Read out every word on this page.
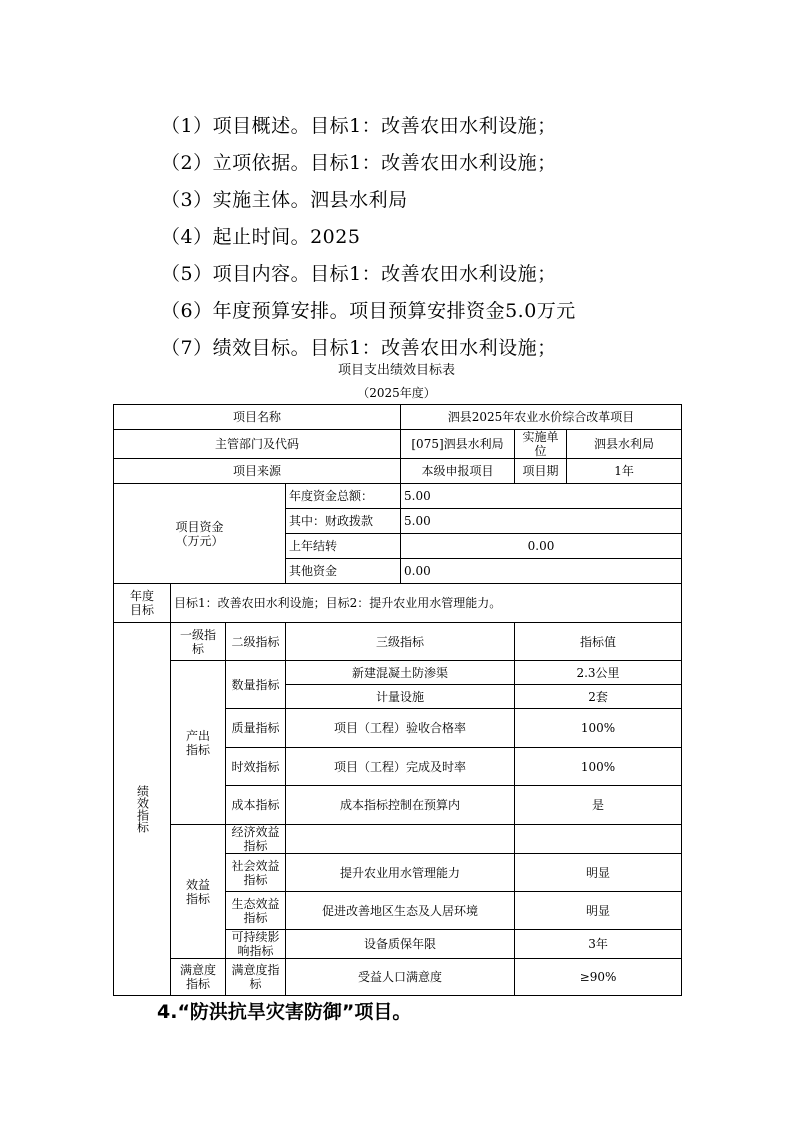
（1）项目概述。目标1：改善农田水利设施；
（2）立项依据。目标1：改善农田水利设施；
（3）实施主体。泗县水利局
（4）起止时间。2025
（5）项目内容。目标1：改善农田水利设施；
（6）年度预算安排。项目预算安排资金5.0万元
（7）绩效目标。目标1：改善农田水利设施；
项目支出绩效目标表
（2025年度）
项目名称				泗县2025年农业水价综合改革项目		
主管部门及代码				[075]泗县水利局	实施单位	泗县水利局
项目来源				本级申报项目	项目期	1年

项目资金
（万元）			年度资金总额：	5.00		
			其中：财政拨款	5.00		
			上年结转	0.00		
			其他资金	0.00		

年度
目标	目标1：改善农田水利设施；目标2：提升农业用水管理能力。					
绩效指标	一级指标	二级指标	三级指标		指标值	
	产出指标	数量指标	新建混凝土防渗渠		2.3公里	
			计量设施		2套	
		质量指标	项目（工程）验收合格率		100%	
		时效指标	项目（工程）完成及时率		100%	
		成本指标	成本指标控制在预算内		是	
	效益指标	经济效益指标				
		社会效益指标	提升农业用水管理能力		明显	
		生态效益指标	促进改善地区生态及人居环境		明显	
		可持续影响指标	设备质保年限		3年	
	满意度指标	满意度指标	受益人口满意度		≥90%	
4.“防洪抗旱灾害防御”项目。
